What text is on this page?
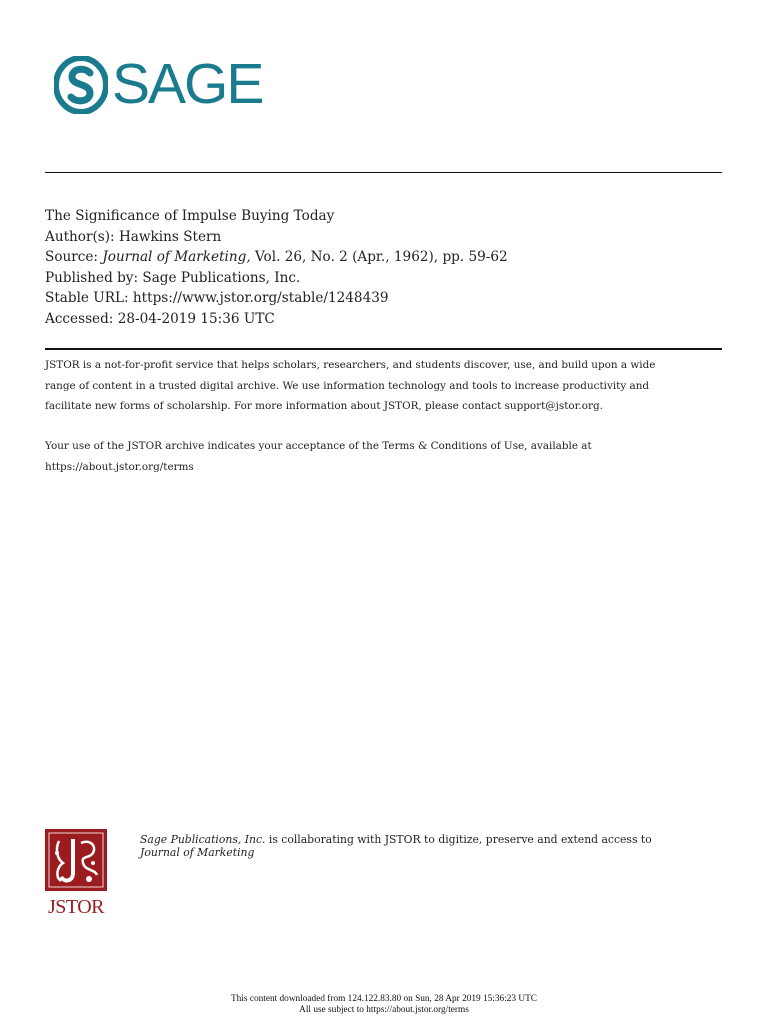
SAGE
The Significance of Impulse Buying Today
Author(s): Hawkins Stern
Source: Journal of Marketing, Vol. 26, No. 2 (Apr., 1962), pp. 59-62
Published by: Sage Publications, Inc.
Stable URL: https://www.jstor.org/stable/1248439
Accessed: 28-04-2019 15:36 UTC
JSTOR is a not-for-profit service that helps scholars, researchers, and students discover, use, and build upon a wide
range of content in a trusted digital archive. We use information technology and tools to increase productivity and
facilitate new forms of scholarship. For more information about JSTOR, please contact support@jstor.org.
Your use of the JSTOR archive indicates your acceptance of the Terms & Conditions of Use, available at
https://about.jstor.org/terms
JSTOR
Sage Publications, Inc. is collaborating with JSTOR to digitize, preserve and extend access to
Journal of Marketing
This content downloaded from 124.122.83.80 on Sun, 28 Apr 2019 15:36:23 UTC
All use subject to https://about.jstor.org/terms
